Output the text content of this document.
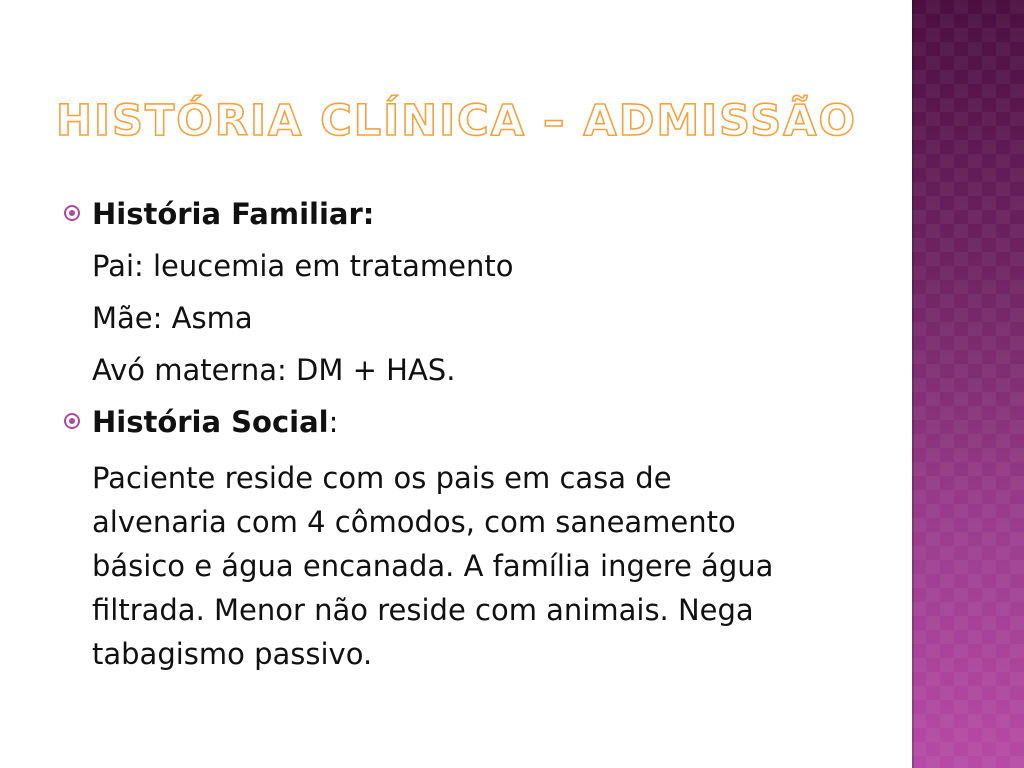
HISTÓRIA CLÍNICA – ADMISSÃO
História Familiar:
Pai: leucemia em tratamento
Mãe: Asma
Avó materna: DM + HAS.
História Social:
Paciente reside com os pais em casa de
alvenaria com 4 cômodos, com saneamento
básico e água encanada. A família ingere água
filtrada. Menor não reside com animais. Nega
tabagismo passivo.
